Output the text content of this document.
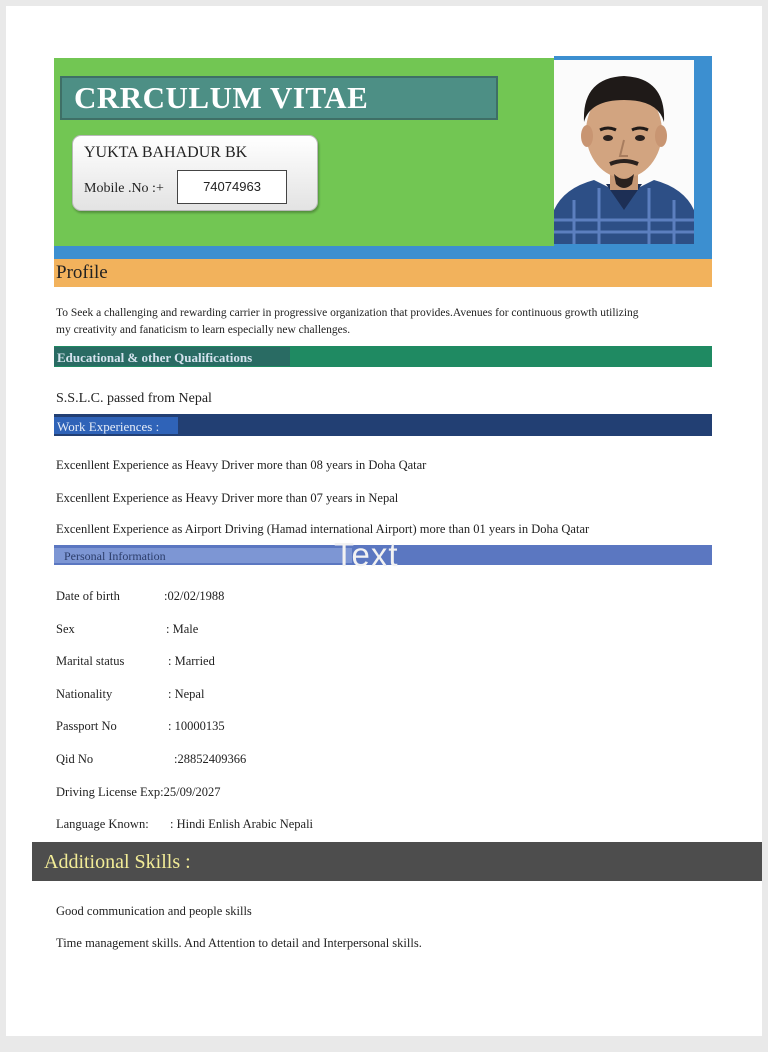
CRRCULUM VITAE
YUKTA BAHADUR BK
Mobile .No :+	74074963
Profile
To Seek a challenging and rewarding carrier in progressive organization that provides.Avenues for continuous growth utilizing
my creativity and fanaticism to learn especially new challenges.
Educational & other Qualifications
S.S.L.C. passed from Nepal
Work Experiences :
Excenllent Experience as Heavy Driver more than 08 years in Doha Qatar
Excenllent Experience as Heavy Driver more than 07 years in Nepal
Excenllent Experience as Airport Driving (Hamad international Airport) more than 01 years in Doha Qatar
Personal Information	Text
Date of birth	:02/02/1988
Sex	: Male
Marital status	: Married
Nationality	: Nepal
Passport No	: 10000135
Qid No	:28852409366
Driving License Exp:25/09/2027
Language Known: : Hindi Enlish Arabic Nepali
Additional Skills :
Good communication and people skills
Time management skills. And Attention to detail and Interpersonal skills.
